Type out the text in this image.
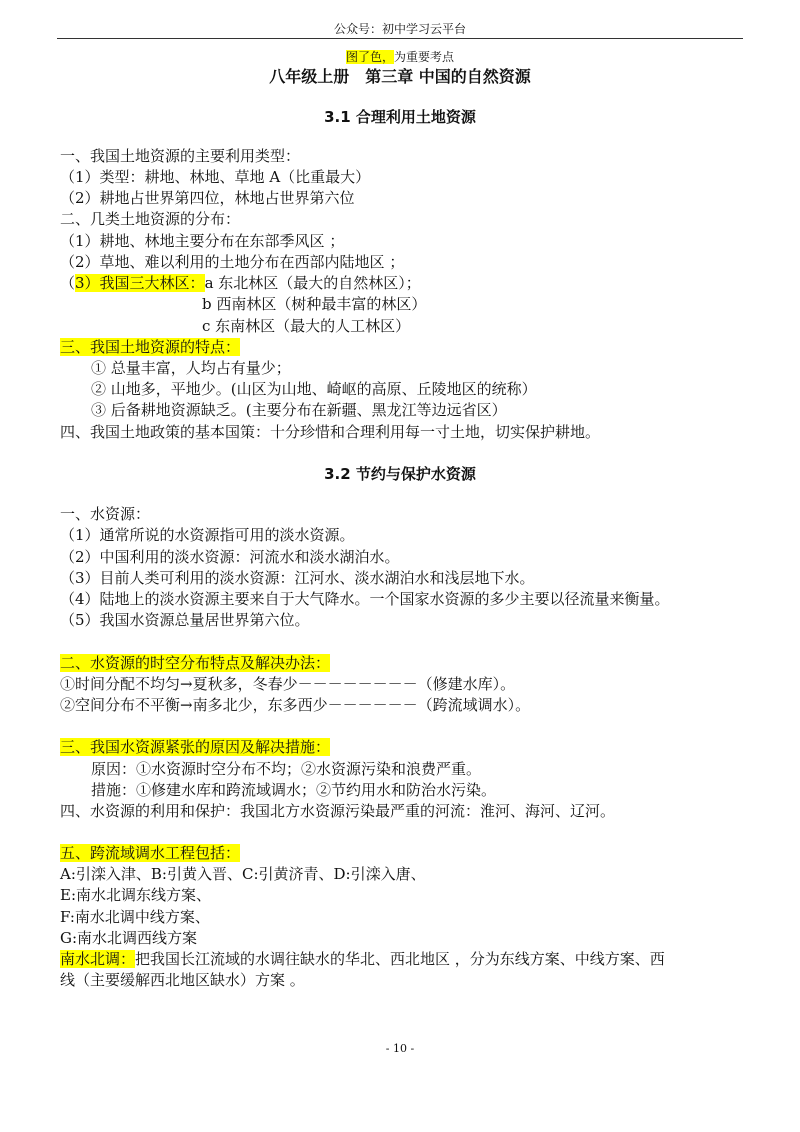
公众号：初中学习云平台
图了色，为重要考点
八年级上册　第三章 中国的自然资源
3.1 合理利用土地资源
一、我国土地资源的主要利用类型：
（1）类型：耕地、林地、草地 A（比重最大）
（2）耕地占世界第四位，林地占世界第六位
二、几类土地资源的分布：
（1）耕地、林地主要分布在东部季风区 ；
（2）草地、难以利用的土地分布在西部内陆地区 ；
（3）我国三大林区：a 东北林区（最大的自然林区）；
b 西南林区（树种最丰富的林区）
c 东南林区（最大的人工林区）
三、我国土地资源的特点：
① 总量丰富，人均占有量少；
② 山地多，平地少。(山区为山地、崎岖的高原、丘陵地区的统称）
③ 后备耕地资源缺乏。(主要分布在新疆、黑龙江等边远省区）
四、我国土地政策的基本国策：十分珍惜和合理利用每一寸土地，切实保护耕地。
3.2 节约与保护水资源
一、水资源：
（1）通常所说的水资源指可用的淡水资源。
（2）中国利用的淡水资源：河流水和淡水湖泊水。
（3）目前人类可利用的淡水资源：江河水、淡水湖泊水和浅层地下水。
（4）陆地上的淡水资源主要来自于大气降水。一个国家水资源的多少主要以径流量来衡量。
（5）我国水资源总量居世界第六位。
二、水资源的时空分布特点及解决办法：
①时间分配不均匀→夏秋多，冬春少－－－－－－－－（修建水库）。
②空间分布不平衡→南多北少，东多西少－－－－－－（跨流域调水）。
三、我国水资源紧张的原因及解决措施：
原因：①水资源时空分布不均；②水资源污染和浪费严重。
措施：①修建水库和跨流域调水；②节约用水和防治水污染。
四、水资源的利用和保护：我国北方水资源污染最严重的河流：淮河、海河、辽河。
五、跨流域调水工程包括：
A:引滦入津、B:引黄入晋、C:引黄济青、D:引滦入唐、
E:南水北调东线方案、
F:南水北调中线方案、
G:南水北调西线方案
南水北调：把我国长江流域的水调往缺水的华北、西北地区 ，分为东线方案、中线方案、西
线（主要缓解西北地区缺水）方案 。
- 10 -
